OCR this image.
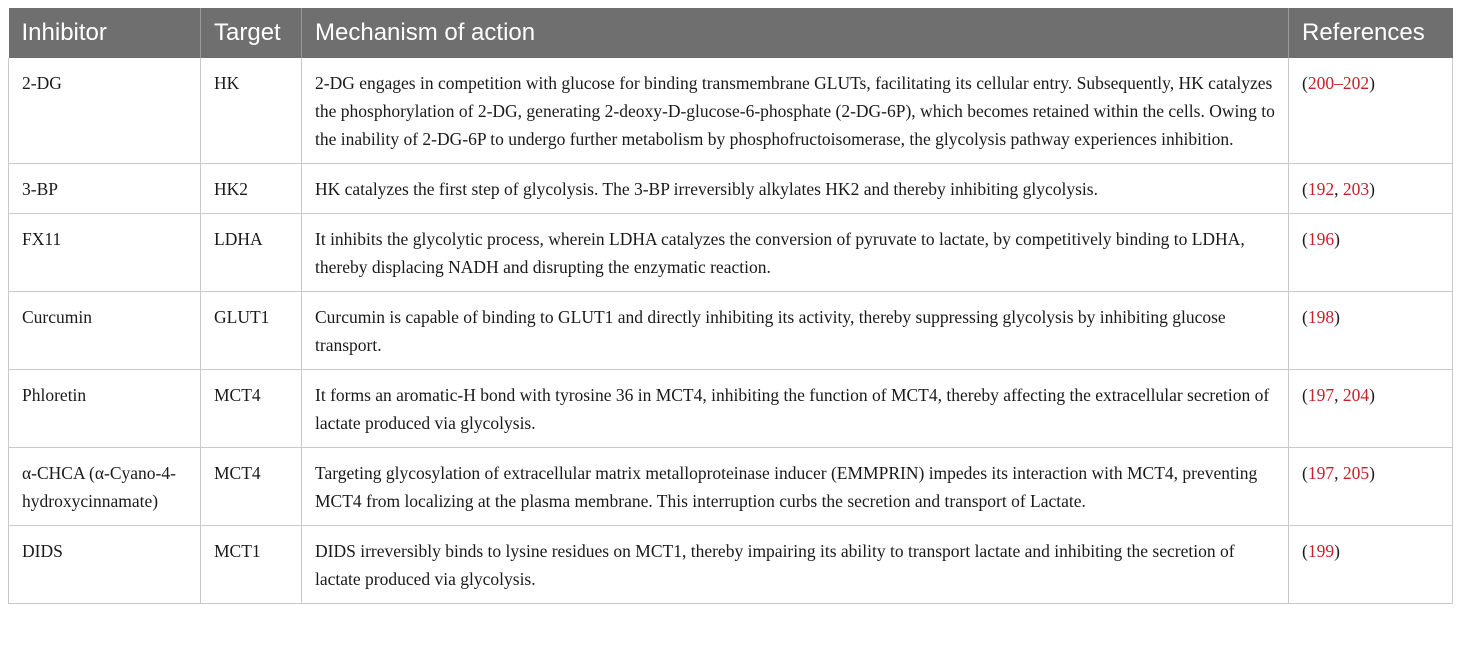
Inhibitor	Target	Mechanism of action	References
2-DG	HK	2-DG engages in competition with glucose for binding transmembrane GLUTs, facilitating its cellular entry. Subsequently, HK catalyzes the phosphorylation of 2-DG, generating 2-deoxy-D-glucose-6-phosphate (2-DG-6P), which becomes retained within the cells. Owing to the inability of 2-DG-6P to undergo further metabolism by phosphofructoisomerase, the glycolysis pathway experiences inhibition.	(200–202)
3-BP	HK2	HK catalyzes the first step of glycolysis. The 3-BP irreversibly alkylates HK2 and thereby inhibiting glycolysis.	(192, 203)
FX11	LDHA	It inhibits the glycolytic process, wherein LDHA catalyzes the conversion of pyruvate to lactate, by competitively binding to LDHA, thereby displacing NADH and disrupting the enzymatic reaction.	(196)
Curcumin	GLUT1	Curcumin is capable of binding to GLUT1 and directly inhibiting its activity, thereby suppressing glycolysis by inhibiting glucose transport.	(198)
Phloretin	MCT4	It forms an aromatic-H bond with tyrosine 36 in MCT4, inhibiting the function of MCT4, thereby affecting the extracellular secretion of lactate produced via glycolysis.	(197, 204)
α-CHCA (α-Cyano-4-hydroxycinnamate)	MCT4	Targeting glycosylation of extracellular matrix metalloproteinase inducer (EMMPRIN) impedes its interaction with MCT4, preventing MCT4 from localizing at the plasma membrane. This interruption curbs the secretion and transport of Lactate.	(197, 205)
DIDS	MCT1	DIDS irreversibly binds to lysine residues on MCT1, thereby impairing its ability to transport lactate and inhibiting the secretion of lactate produced via glycolysis.	(199)
